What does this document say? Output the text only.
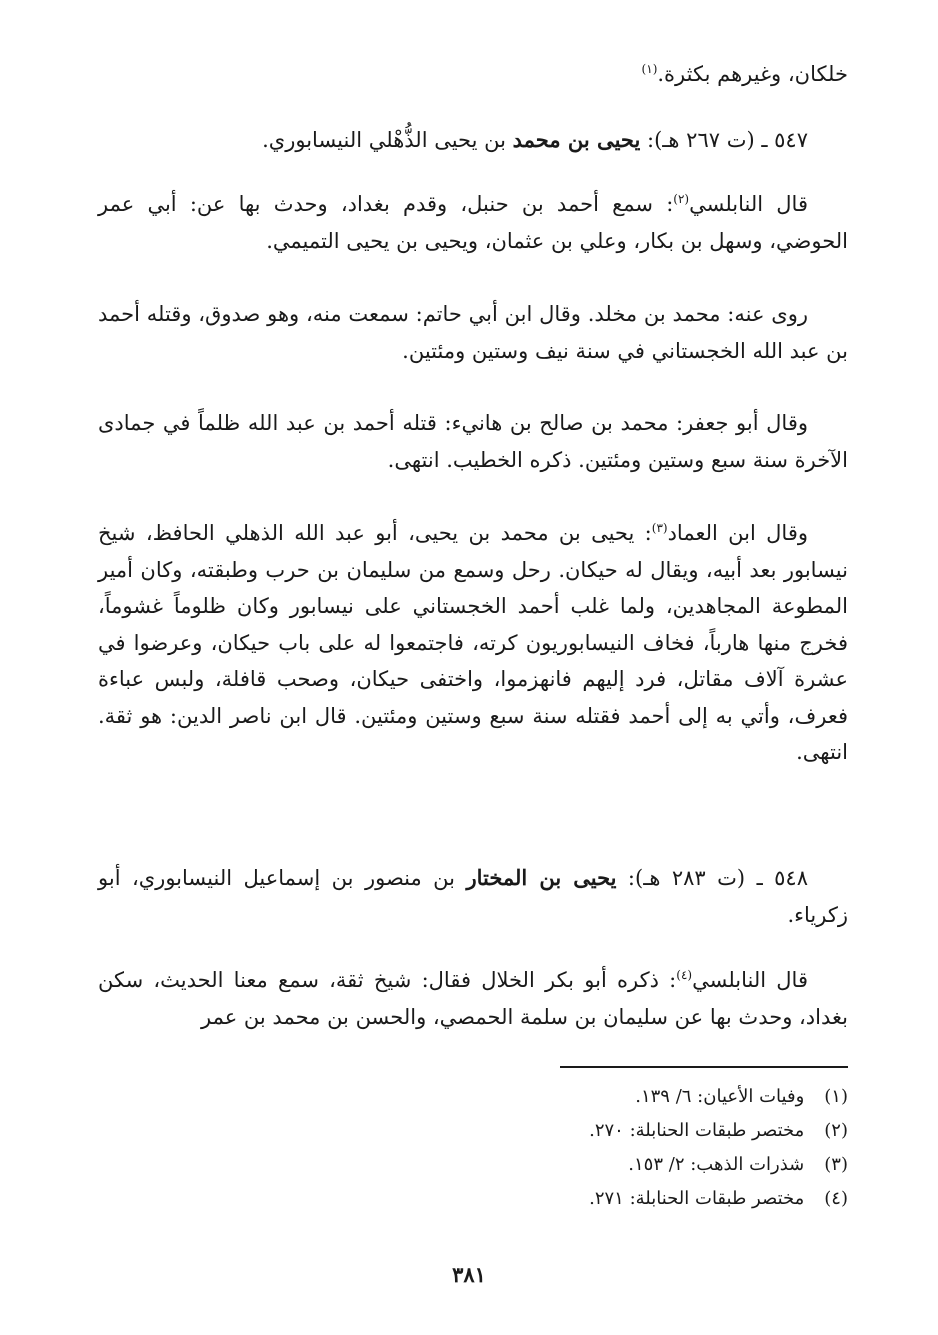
خلكان، وغيرهم بكثرة.$^{(١)}$

٥٤٧ ـ (ت ٢٦٧ هـ): يحيى بن محمد بن يحيى الذُّهْلي النيسابوري.

قال النابلسي$^{(٢)}$: سمع أحمد بن حنبل، وقدم بغداد، وحدث بها عن: أبي عمر الحوضي، وسهل بن بكار، وعلي بن عثمان، ويحيى بن يحيى التميمي.

روى عنه: محمد بن مخلد. وقال ابن أبي حاتم: سمعت منه، وهو صدوق، وقتله أحمد بن عبد الله الخجستاني في سنة نيف وستين ومئتين.

وقال أبو جعفر: محمد بن صالح بن هانيء: قتله أحمد بن عبد الله ظلماً في جمادى الآخرة سنة سبع وستين ومئتين. ذكره الخطيب. انتهى.

وقال ابن العماد$^{(٣)}$: يحيى بن محمد بن يحيى، أبو عبد الله الذهلي الحافظ، شيخ نيسابور بعد أبيه، ويقال له حيكان. رحل وسمع من سليمان بن حرب وطبقته، وكان أمير المطوعة المجاهدين، ولما غلب أحمد الخجستاني على نيسابور وكان ظلوماً غشوماً، فخرج منها هارباً، فخاف النيسابوريون كرته، فاجتمعوا له على باب حيكان، وعرضوا في عشرة آلاف مقاتل، فرد إليهم فانهزموا، واختفى حيكان، وصحب قافلة، ولبس عباءة فعرف، وأتي به إلى أحمد فقتله سنة سبع وستين ومئتين. قال ابن ناصر الدين: هو ثقة. انتهى.

٥٤٨ ـ (ت ٢٨٣ هـ): يحيى بن المختار بن منصور بن إسماعيل النيسابوري، أبو زكرياء.

قال النابلسي$^{(٤)}$: ذكره أبو بكر الخلال فقال: شيخ ثقة، سمع معنا الحديث، سكن بغداد، وحدث بها عن سليمان بن سلمة الحمصي، والحسن بن محمد بن عمر

(١) وفيات الأعيان: ٦/ ١٣٩.
(٢) مختصر طبقات الحنابلة: ٢٧٠.
(٣) شذرات الذهب: ٢/ ١٥٣.
(٤) مختصر طبقات الحنابلة: ٢٧١.
٣٨١
